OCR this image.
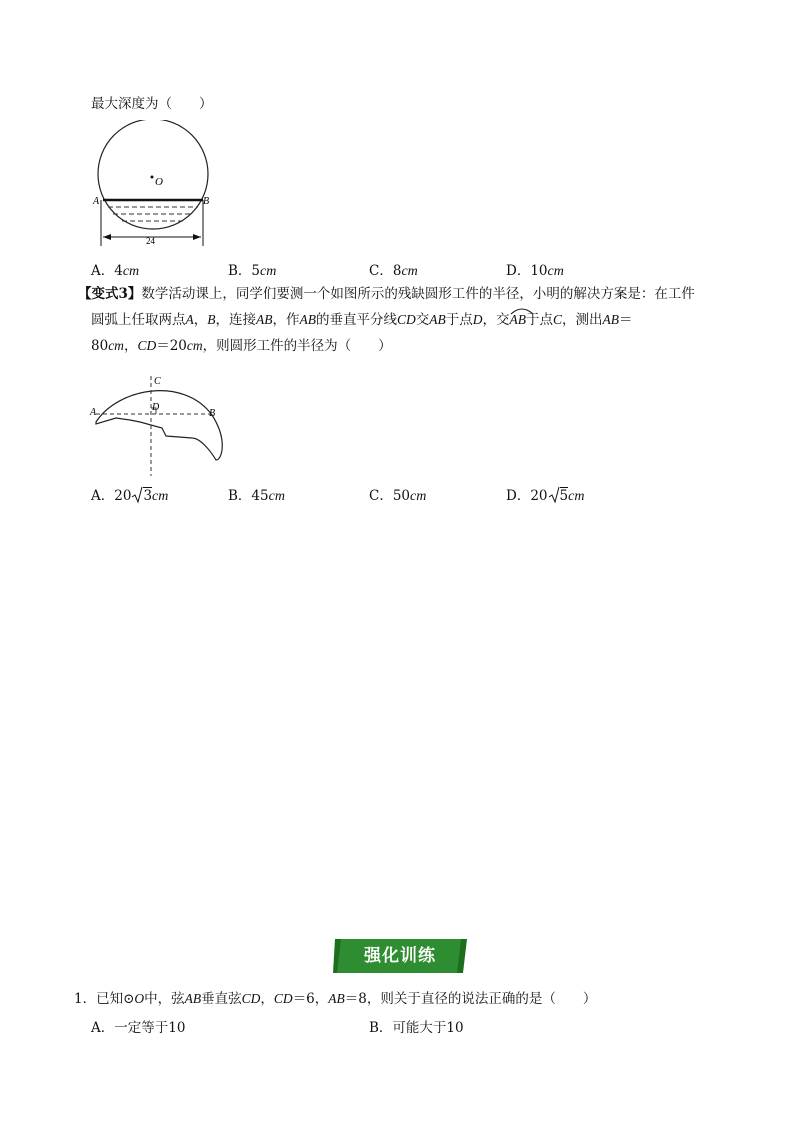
最大深度为（　　）
O
A	B
24
A．4cm	B．5cm	C．8cm	D．10cm
【变式3】数学活动课上，同学们要测一个如图所示的残缺圆形工件的半径，小明的解决方案是：在工件
圆弧上任取两点A，B，连接AB，作AB的垂直平分线CD交AB于点D，交
AB于点C，测出AB＝
80cm，CD＝20cm，则圆形工件的半径为（　　）
C
D
A	B
A．20 3cm	B．45cm	C．50cm	D．20 5cm
强化训练
1．已知⊙O中，弦AB垂直弦CD，CD＝6，AB＝8，则关于直径的说法正确的是（　　）
A．一定等于10	B．可能大于10
